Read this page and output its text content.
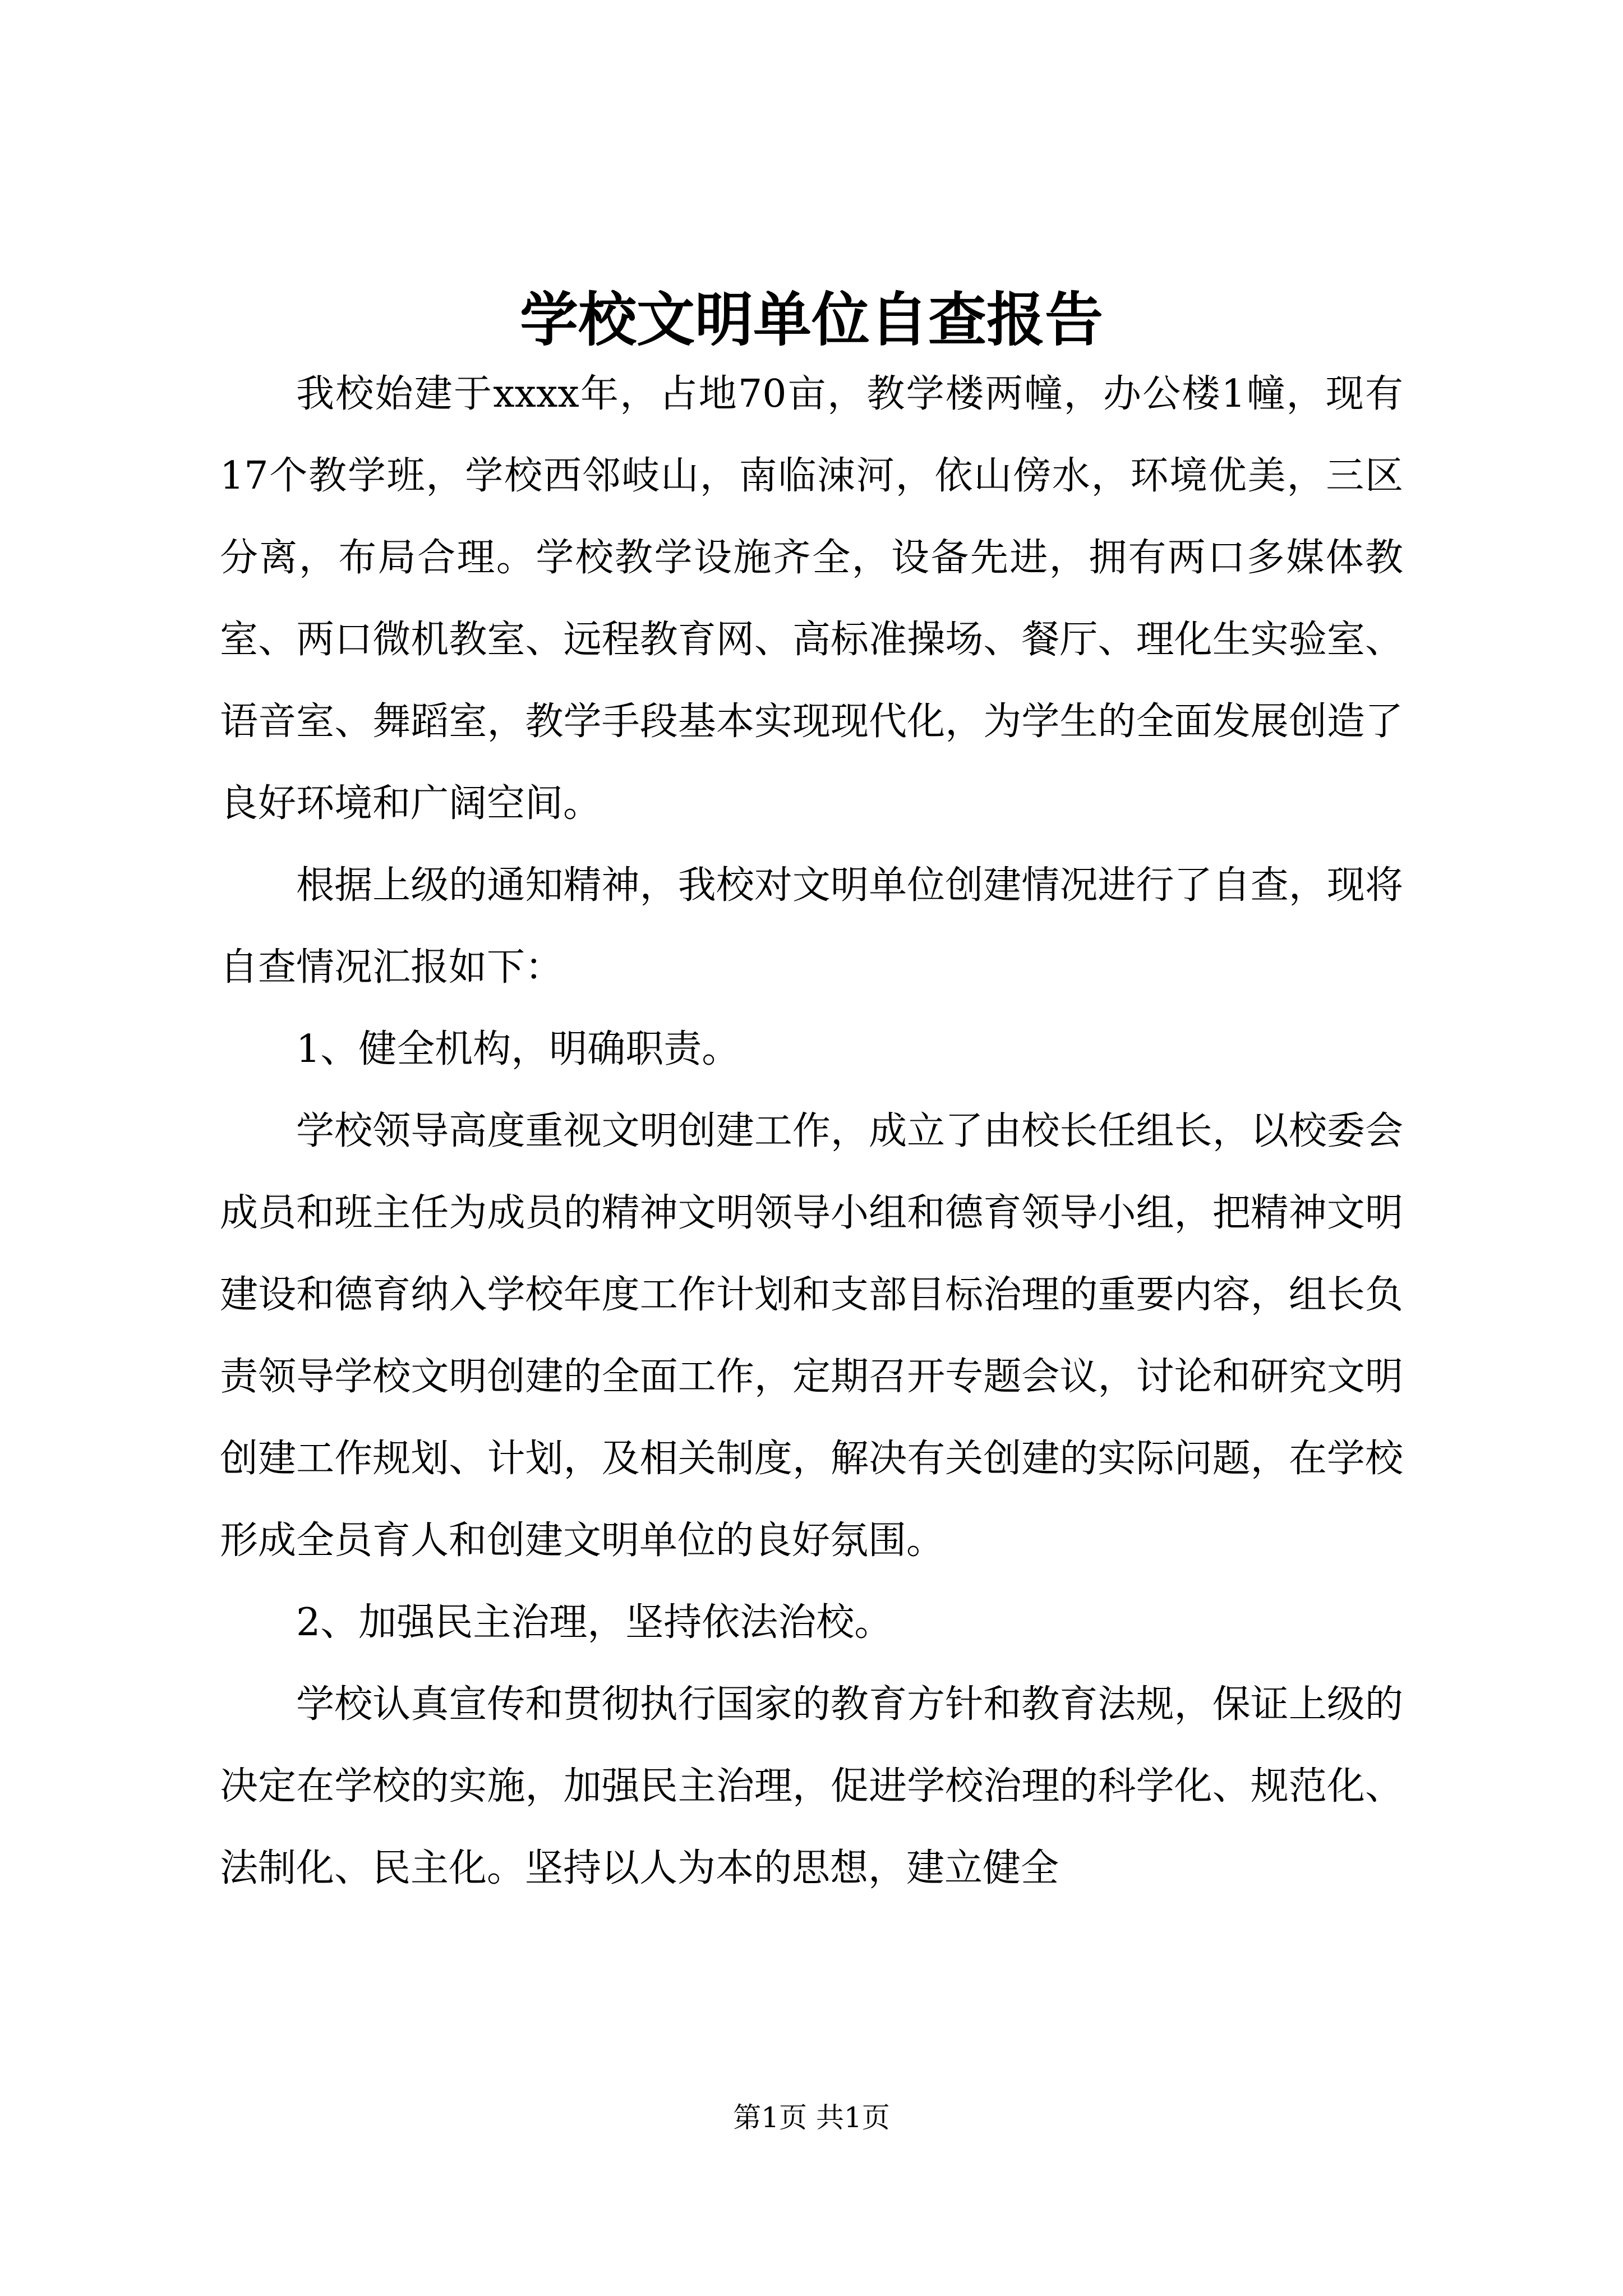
学校文明单位自查报告

我校始建于xxxx年，占地70亩，教学楼两幢，办公楼1幢，现有17个教学班，学校西邻岐山，南临涑河，依山傍水，环境优美，三区分离，布局合理。学校教学设施齐全，设备先进，拥有两口多媒体教室、两口微机教室、远程教育网、高标准操场、餐厅、理化生实验室、语音室、舞蹈室，教学手段基本实现现代化，为学生的全面发展创造了良好环境和广阔空间。

根据上级的通知精神，我校对文明单位创建情况进行了自查，现将自查情况汇报如下：

1、健全机构，明确职责。

学校领导高度重视文明创建工作，成立了由校长任组长，以校委会成员和班主任为成员的精神文明领导小组和德育领导小组，把精神文明建设和德育纳入学校年度工作计划和支部目标治理的重要内容，组长负责领导学校文明创建的全面工作，定期召开专题会议，讨论和研究文明创建工作规划、计划，及相关制度，解决有关创建的实际问题，在学校形成全员育人和创建文明单位的良好氛围。

2、加强民主治理，坚持依法治校。

学校认真宣传和贯彻执行国家的教育方针和教育法规，保证上级的决定在学校的实施，加强民主治理，促进学校治理的科学化、规范化、法制化、民主化。坚持以人为本的思想，建立健全

第1页 共1页
